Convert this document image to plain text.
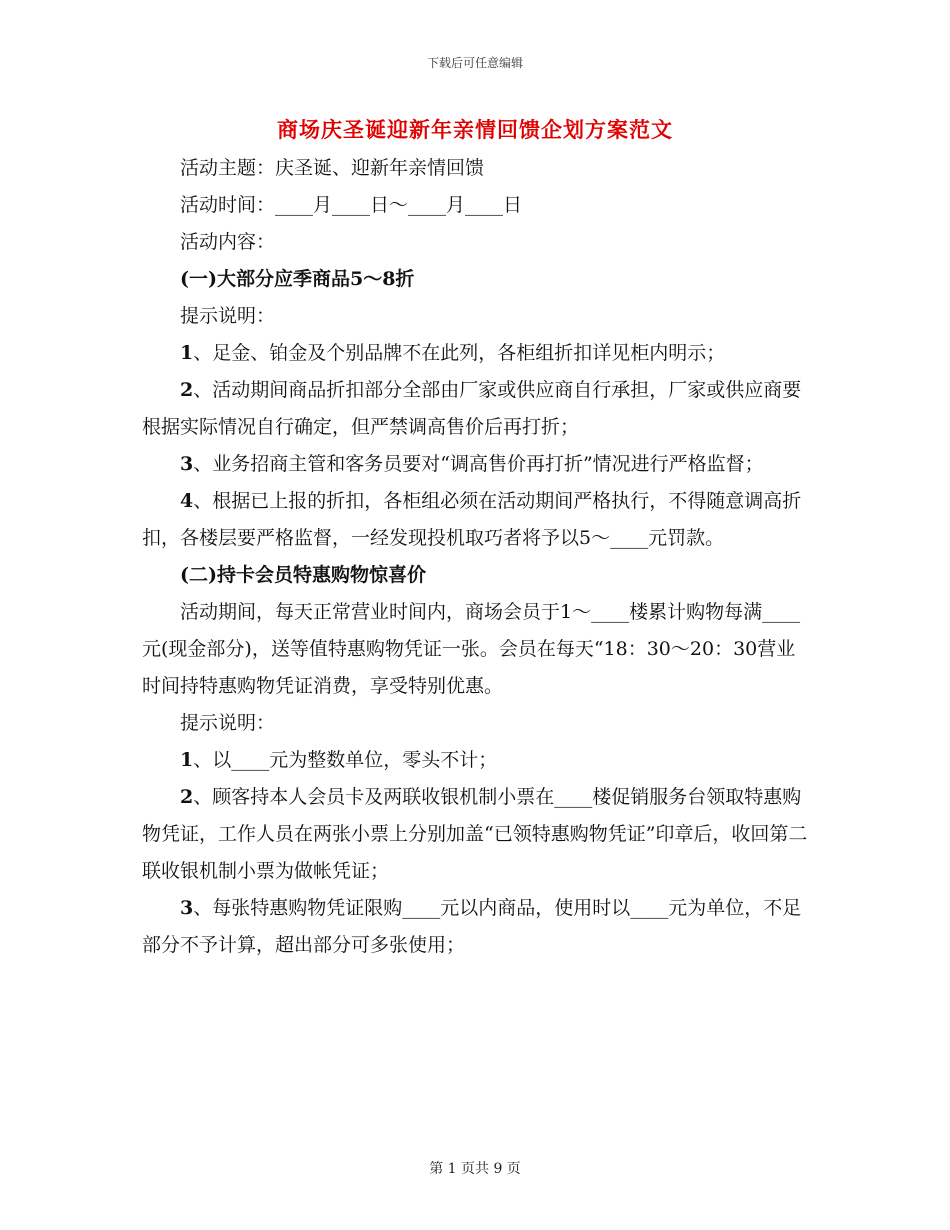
下载后可任意编辑
商场庆圣诞迎新年亲情回馈企划方案范文

活动主题：庆圣诞、迎新年亲情回馈

活动时间：____月____日～____月____日

活动内容：

(一)大部分应季商品5～8折

提示说明：

1、足金、铂金及个别品牌不在此列，各柜组折扣详见柜内明示；

2、活动期间商品折扣部分全部由厂家或供应商自行承担，厂家或供应商要根据实际情况自行确定，但严禁调高售价后再打折；

3、业务招商主管和客务员要对“调高售价再打折”情况进行严格监督；

4、根据已上报的折扣，各柜组必须在活动期间严格执行，不得随意调高折扣，各楼层要严格监督，一经发现投机取巧者将予以5～____元罚款。

(二)持卡会员特惠购物惊喜价

活动期间，每天正常营业时间内，商场会员于1～____楼累计购物每满____元(现金部分)，送等值特惠购物凭证一张。会员在每天“18：30～20：30营业时间持特惠购物凭证消费，享受特别优惠。

提示说明：

1、以____元为整数单位，零头不计；

2、顾客持本人会员卡及两联收银机制小票在____楼促销服务台领取特惠购物凭证，工作人员在两张小票上分别加盖“已领特惠购物凭证”印章后，收回第二联收银机制小票为做帐凭证；

3、每张特惠购物凭证限购____元以内商品，使用时以____元为单位，不足部分不予计算，超出部分可多张使用；

第 1 页共 9 页
